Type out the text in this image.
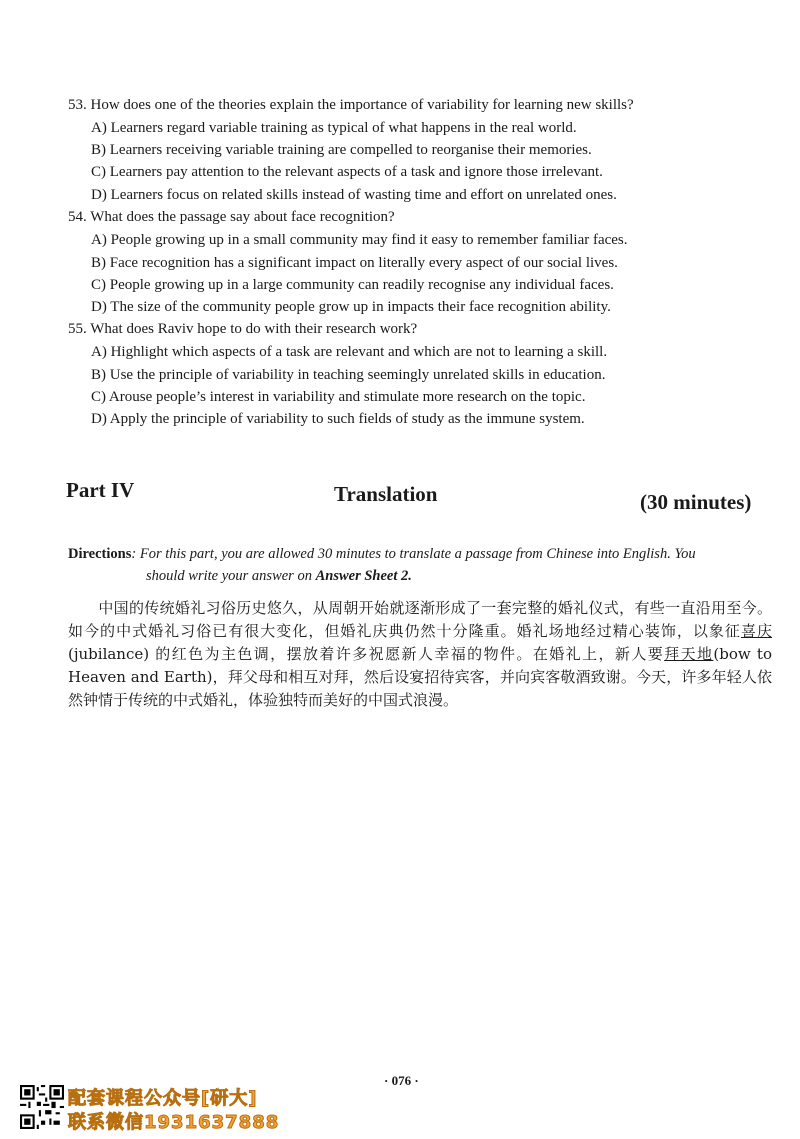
53. How does one of the theories explain the importance of variability for learning new skills?
A) Learners regard variable training as typical of what happens in the real world.
B) Learners receiving variable training are compelled to reorganise their memories.
C) Learners pay attention to the relevant aspects of a task and ignore those irrelevant.
D) Learners focus on related skills instead of wasting time and effort on unrelated ones.
54. What does the passage say about face recognition?
A) People growing up in a small community may find it easy to remember familiar faces.
B) Face recognition has a significant impact on literally every aspect of our social lives.
C) People growing up in a large community can readily recognise any individual faces.
D) The size of the community people grow up in impacts their face recognition ability.
55. What does Raviv hope to do with their research work?
A) Highlight which aspects of a task are relevant and which are not to learning a skill.
B) Use the principle of variability in teaching seemingly unrelated skills in education.
C) Arouse people’s interest in variability and stimulate more research on the topic.
D) Apply the principle of variability to such fields of study as the immune system.
Part IV	Translation	(30 minutes)
Directions: For this part, you are allowed 30 minutes to translate a passage from Chinese into English. You
should write your answer on Answer Sheet 2.
中国的传统婚礼习俗历史悠久，从周朝开始就逐渐形成了一套完整的婚礼仪式，有些一直沿用至今。如今的中式婚礼习俗已有很大变化，但婚礼庆典仍然十分隆重。婚礼场地经过精心装饰，以象征喜庆(jubilance) 的红色为主色调，摆放着许多祝愿新人幸福的物件。在婚礼上，新人要拜天地(bow to Heaven and Earth)，拜父母和相互对拜，然后设宴招待宾客，并向宾客敬酒致谢。今天，许多年轻人依然钟情于传统的中式婚礼，体验独特而美好的中国式浪漫。
· 076 ·
配套课程公众号[研大]
联系微信1931637888
